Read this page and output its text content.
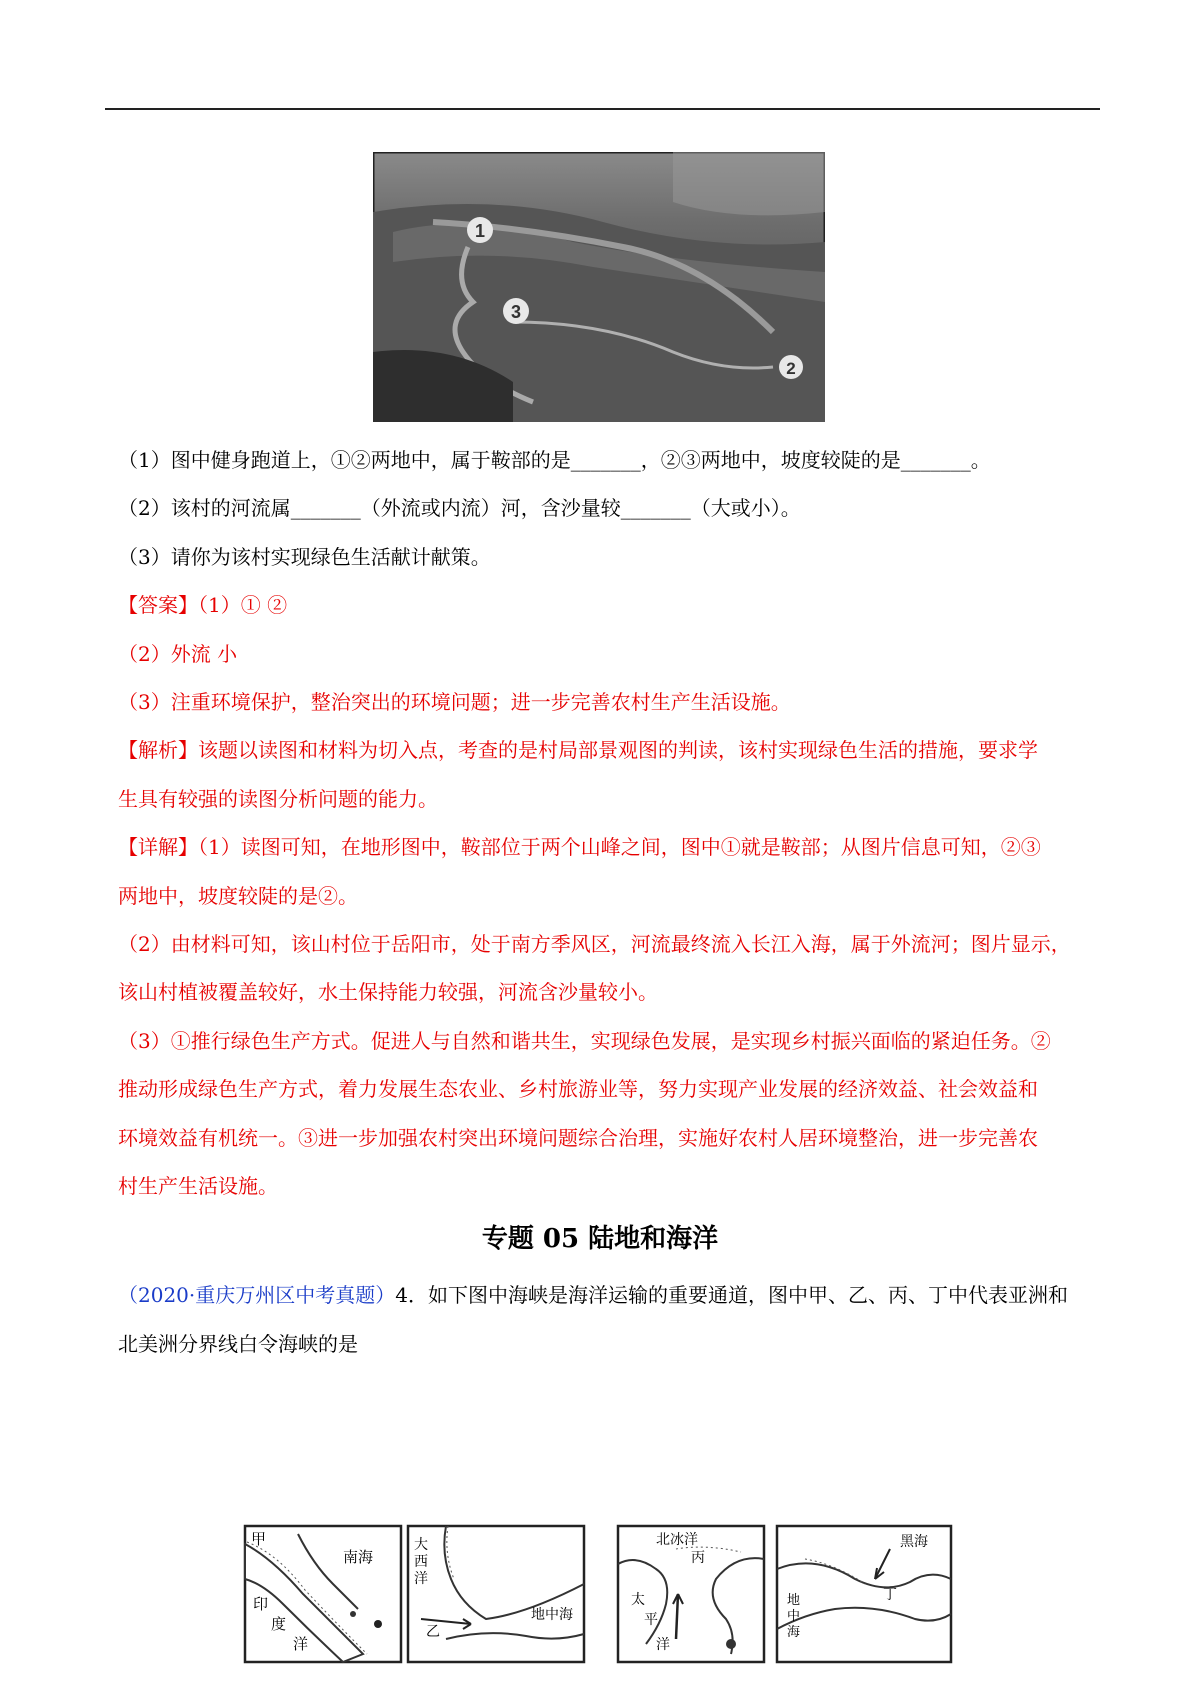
1
3
2
（1）图中健身跑道上，①②两地中，属于鞍部的是_______，②③两地中，坡度较陡的是_______。
（2）该村的河流属_______（外流或内流）河，含沙量较_______（大或小）。
（3）请你为该村实现绿色生活献计献策。
【答案】（1）① ②
（2）外流 小
（3）注重环境保护，整治突出的环境问题；进一步完善农村生产生活设施。
【解析】该题以读图和材料为切入点，考查的是村局部景观图的判读，该村实现绿色生活的措施，要求学
生具有较强的读图分析问题的能力。
【详解】（1）读图可知，在地形图中，鞍部位于两个山峰之间，图中①就是鞍部；从图片信息可知，②③
两地中，坡度较陡的是②。
（2）由材料可知，该山村位于岳阳市，处于南方季风区，河流最终流入长江入海，属于外流河；图片显示，
该山村植被覆盖较好，水土保持能力较强，河流含沙量较小。
（3）①推行绿色生产方式。促进人与自然和谐共生，实现绿色发展，是实现乡村振兴面临的紧迫任务。②
推动形成绿色生产方式，着力发展生态农业、乡村旅游业等，努力实现产业发展的经济效益、社会效益和
环境效益有机统一。③进一步加强农村突出环境问题综合治理，实施好农村人居环境整治，进一步完善农
村生产生活设施。
专题 05 陆地和海洋
（2020·重庆万州区中考真题）4．如下图中海峡是海洋运输的重要通道，图中甲、乙、丙、丁中代表亚洲和
北美洲分界线白令海峡的是
甲
南海
印
度
洋
大
西
洋
乙
地中海
北冰洋
丙
太
平
洋
黑海
丁
地
中
海
